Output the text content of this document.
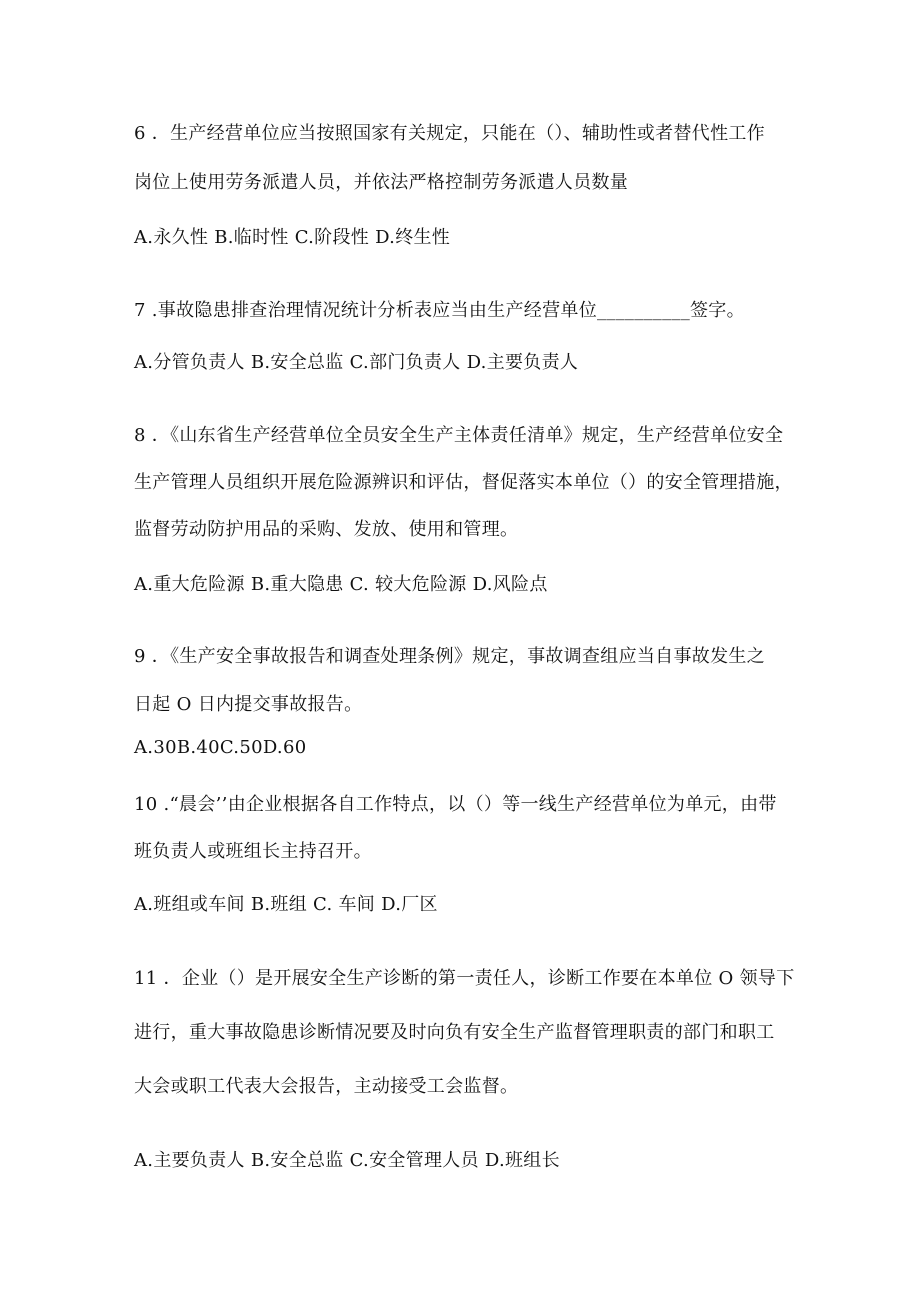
6 ．生产经营单位应当按照国家有关规定，只能在（）、辅助性或者替代性工作
岗位上使用劳务派遣人员，并依法严格控制劳务派遣人员数量
A.永久性 B.临时性 C.阶段性 D.终生性
7 .事故隐患排查治理情况统计分析表应当由生产经营单位__________签字。
A.分管负责人 B.安全总监 C.部门负责人 D.主要负责人
8 ．《山东省生产经营单位全员安全生产主体责任清单》规定，生产经营单位安全
生产管理人员组织开展危险源辨识和评估，督促落实本单位（）的安全管理措施，
监督劳动防护用品的采购、发放、使用和管理。
A.重大危险源 B.重大隐患 C. 较大危险源 D.风险点
9 ．《生产安全事故报告和调查处理条例》规定，事故调查组应当自事故发生之
日起 O 日内提交事故报告。
A.30B.40C.50D.60
10 .“晨会’’由企业根据各自工作特点，以（）等一线生产经营单位为单元，由带
班负责人或班组长主持召开。
A.班组或车间 B.班组 C. 车间 D.厂区
11 ．企业（）是开展安全生产诊断的第一责任人，诊断工作要在本单位 O 领导下
进行，重大事故隐患诊断情况要及时向负有安全生产监督管理职责的部门和职工
大会或职工代表大会报告，主动接受工会监督。
A.主要负责人 B.安全总监 C.安全管理人员 D.班组长
